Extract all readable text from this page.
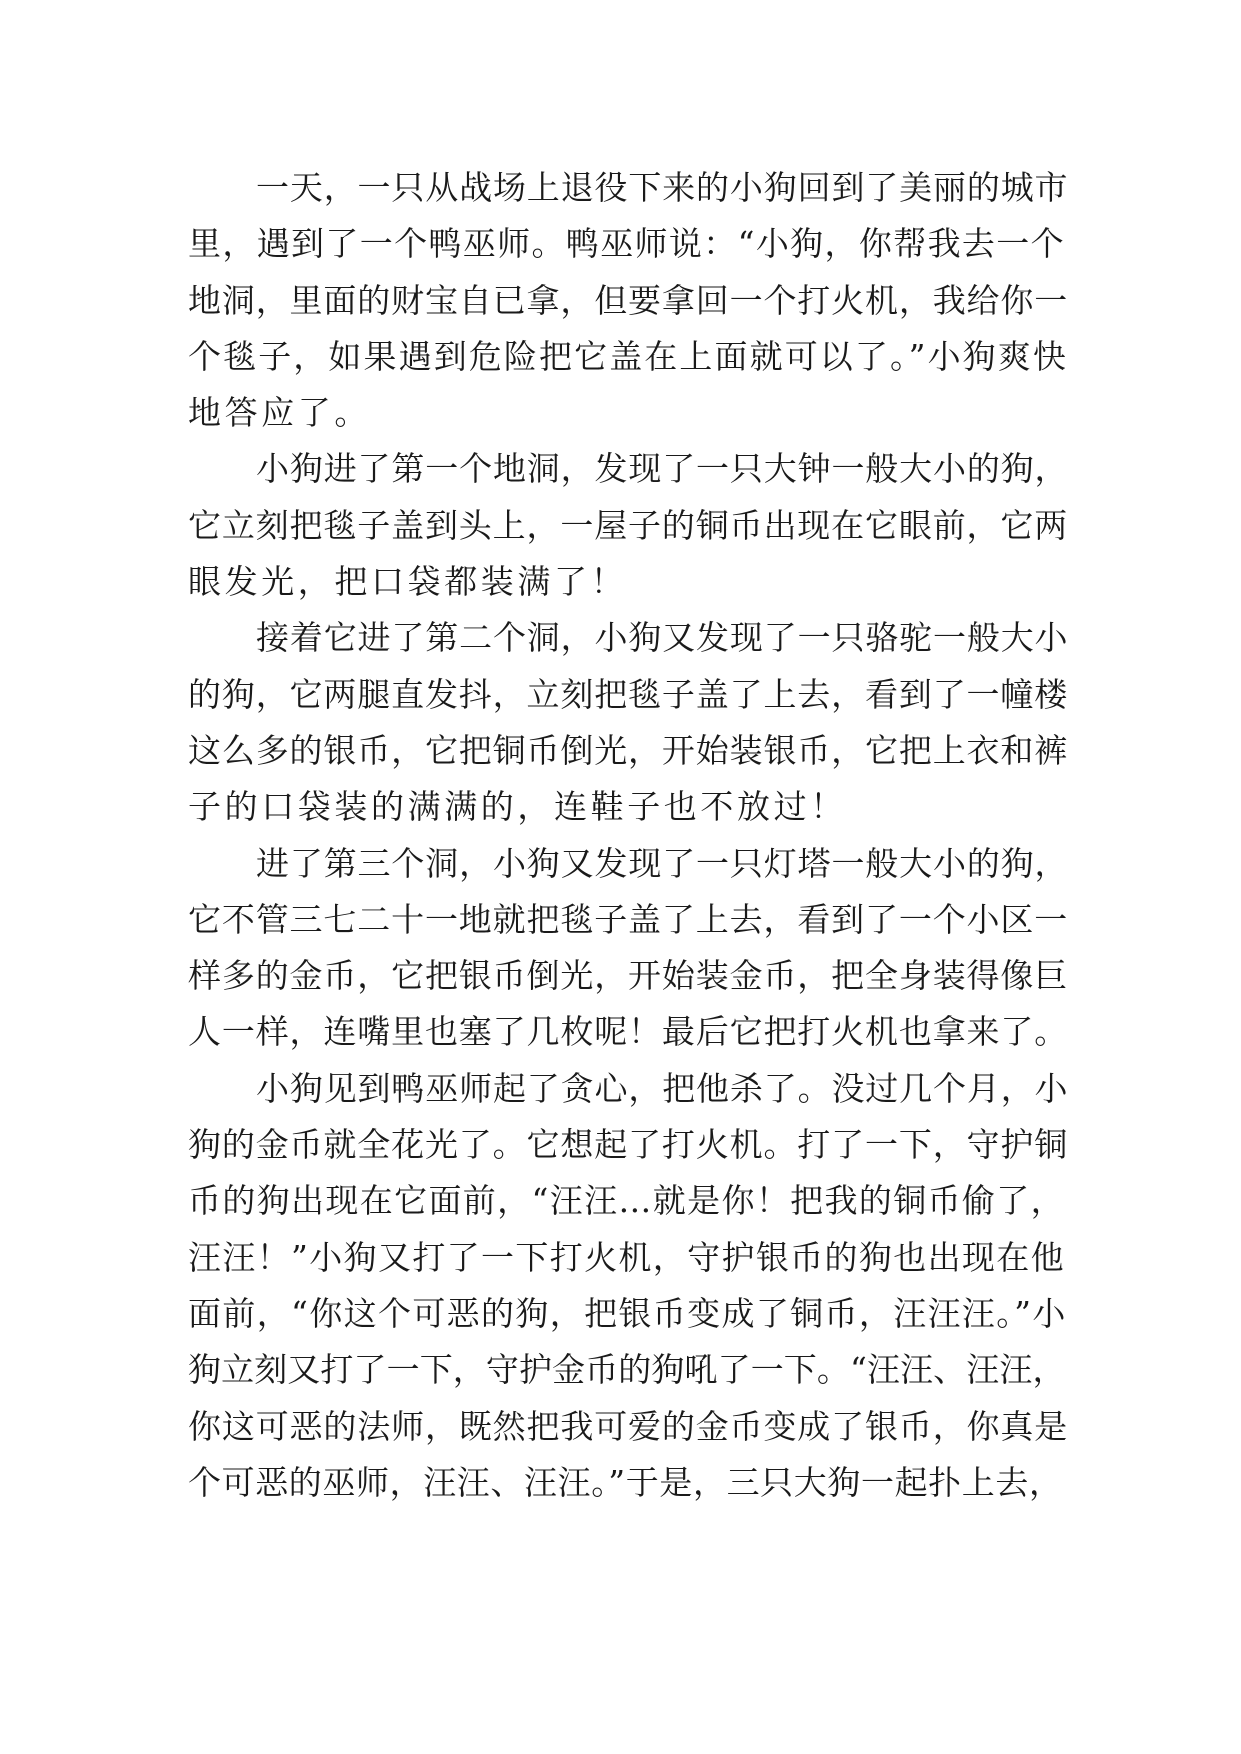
一天，一只从战场上退役下来的小狗回到了美丽的城市
里，遇到了一个鸭巫师。鸭巫师说：“小狗，你帮我去一个
地洞，里面的财宝自已拿，但要拿回一个打火机，我给你一
个毯子，如果遇到危险把它盖在上面就可以了。”小狗爽快
地答应了。
小狗进了第一个地洞，发现了一只大钟一般大小的狗，
它立刻把毯子盖到头上，一屋子的铜币出现在它眼前，它两
眼发光，把口袋都装满了！
接着它进了第二个洞，小狗又发现了一只骆驼一般大小
的狗，它两腿直发抖，立刻把毯子盖了上去，看到了一幢楼
这么多的银币，它把铜币倒光，开始装银币，它把上衣和裤
子的口袋装的满满的，连鞋子也不放过！
进了第三个洞，小狗又发现了一只灯塔一般大小的狗，
它不管三七二十一地就把毯子盖了上去，看到了一个小区一
样多的金币，它把银币倒光，开始装金币，把全身装得像巨
人一样，连嘴里也塞了几枚呢！最后它把打火机也拿来了。
小狗见到鸭巫师起了贪心，把他杀了。没过几个月，小
狗的金币就全花光了。它想起了打火机。打了一下，守护铜
币的狗出现在它面前，“汪汪…就是你！把我的铜币偷了，
汪汪！”小狗又打了一下打火机，守护银币的狗也出现在他
面前，“你这个可恶的狗，把银币变成了铜币，汪汪汪。”小
狗立刻又打了一下，守护金币的狗吼了一下。“汪汪、汪汪，
你这可恶的法师，既然把我可爱的金币变成了银币，你真是
个可恶的巫师，汪汪、汪汪。”于是，三只大狗一起扑上去，
